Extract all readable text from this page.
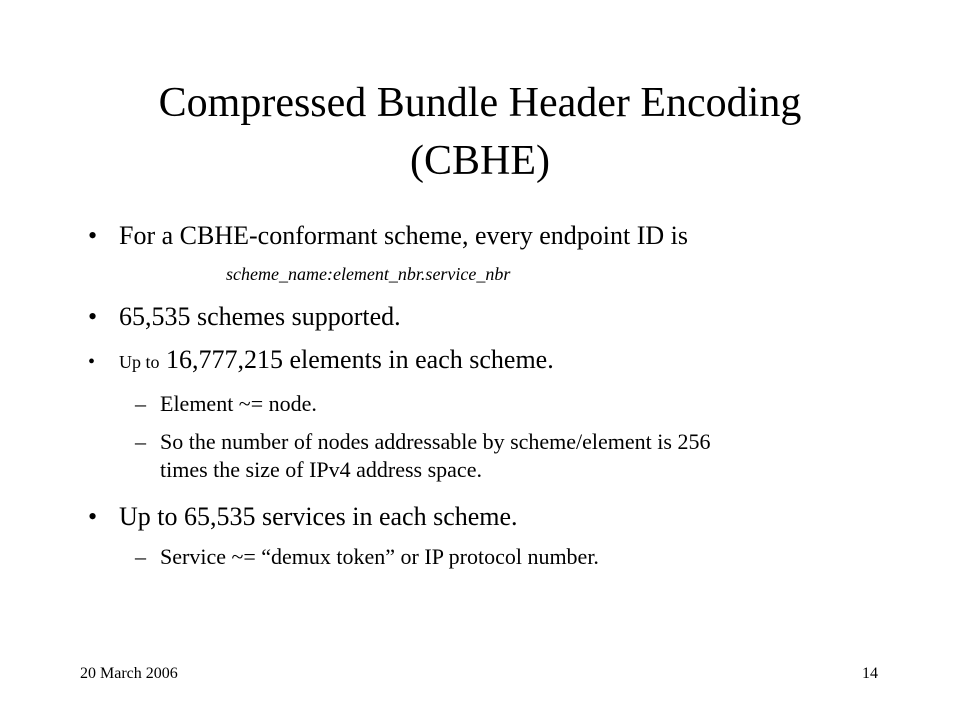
Compressed Bundle Header Encoding
(CBHE)
• For a CBHE-conformant scheme, every endpoint ID is
scheme_name:element_nbr.service_nbr
• 65,535 schemes supported.
• Up to 16,777,215 elements in each scheme.
– Element ~= node.
– So the number of nodes addressable by scheme/element is 256
times the size of IPv4 address space.
• Up to 65,535 services in each scheme.
– Service ~= “demux token” or IP protocol number.
20 March 2006	14
